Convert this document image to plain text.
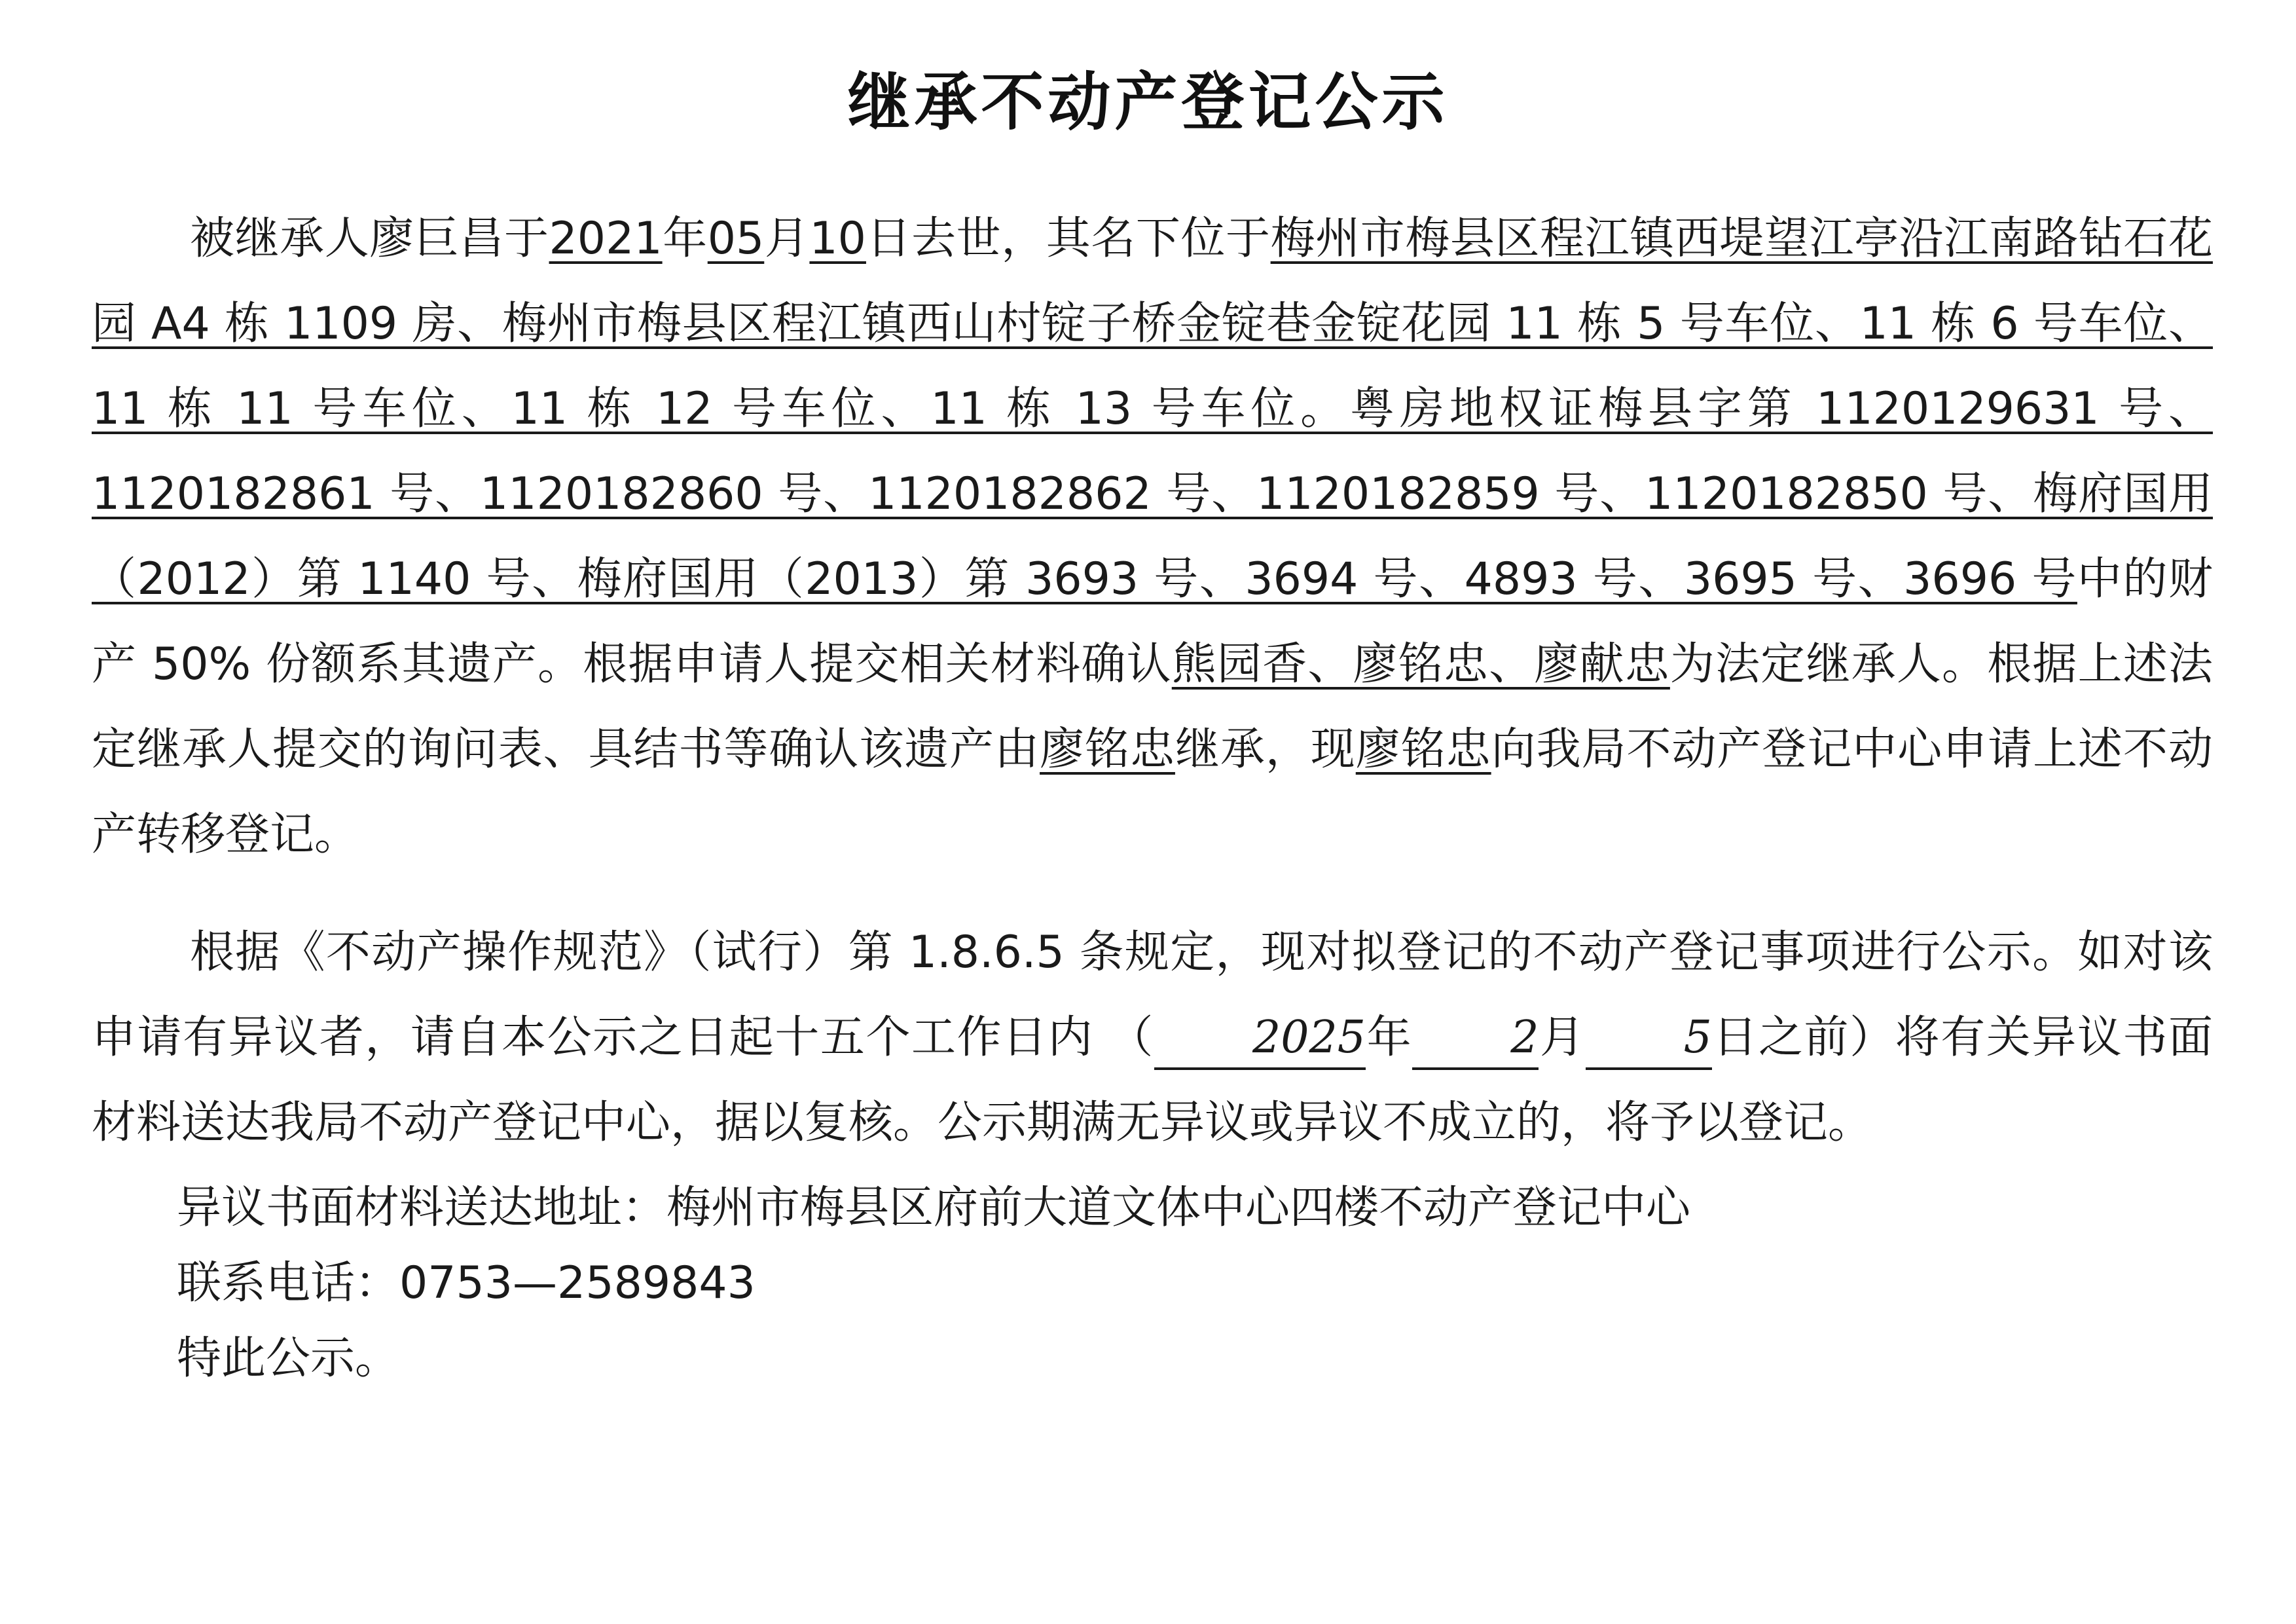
继承不动产登记公示
被继承人廖巨昌于2021年05月10日去世，其名下位于梅州市梅县区程江镇西堤望江亭沿江南路钻石花园 A4 栋 1109 房、梅州市梅县区程江镇西山村锭子桥金锭巷金锭花园 11 栋 5 号车位、11 栋 6 号车位、11 栋 11 号车位、11 栋 12 号车位、11 栋 13 号车位。粤房地权证梅县字第 1120129631 号、1120182861 号、1120182860 号、1120182862 号、1120182859 号、1120182850 号、梅府国用（2012）第 1140 号、梅府国用（2013）第 3693 号、3694 号、4893 号、3695 号、3696 号中的财产 50% 份额系其遗产。根据申请人提交相关材料确认熊园香、廖铭忠、廖献忠为法定继承人。根据上述法定继承人提交的询问表、具结书等确认该遗产由廖铭忠继承，现廖铭忠向我局不动产登记中心申请上述不动产转移登记。
根据《不动产操作规范》（试行）第 1.8.6.5 条规定，现对拟登记的不动产登记事项进行公示。如对该申请有异议者，请自本公示之日起十五个工作日内 （ 2025年 2月 5日之前）将有关异议书面材料送达我局不动产登记中心，据以复核。公示期满无异议或异议不成立的，将予以登记。
异议书面材料送达地址：梅州市梅县区府前大道文体中心四楼不动产登记中心
联系电话：0753—2589843
特此公示。
